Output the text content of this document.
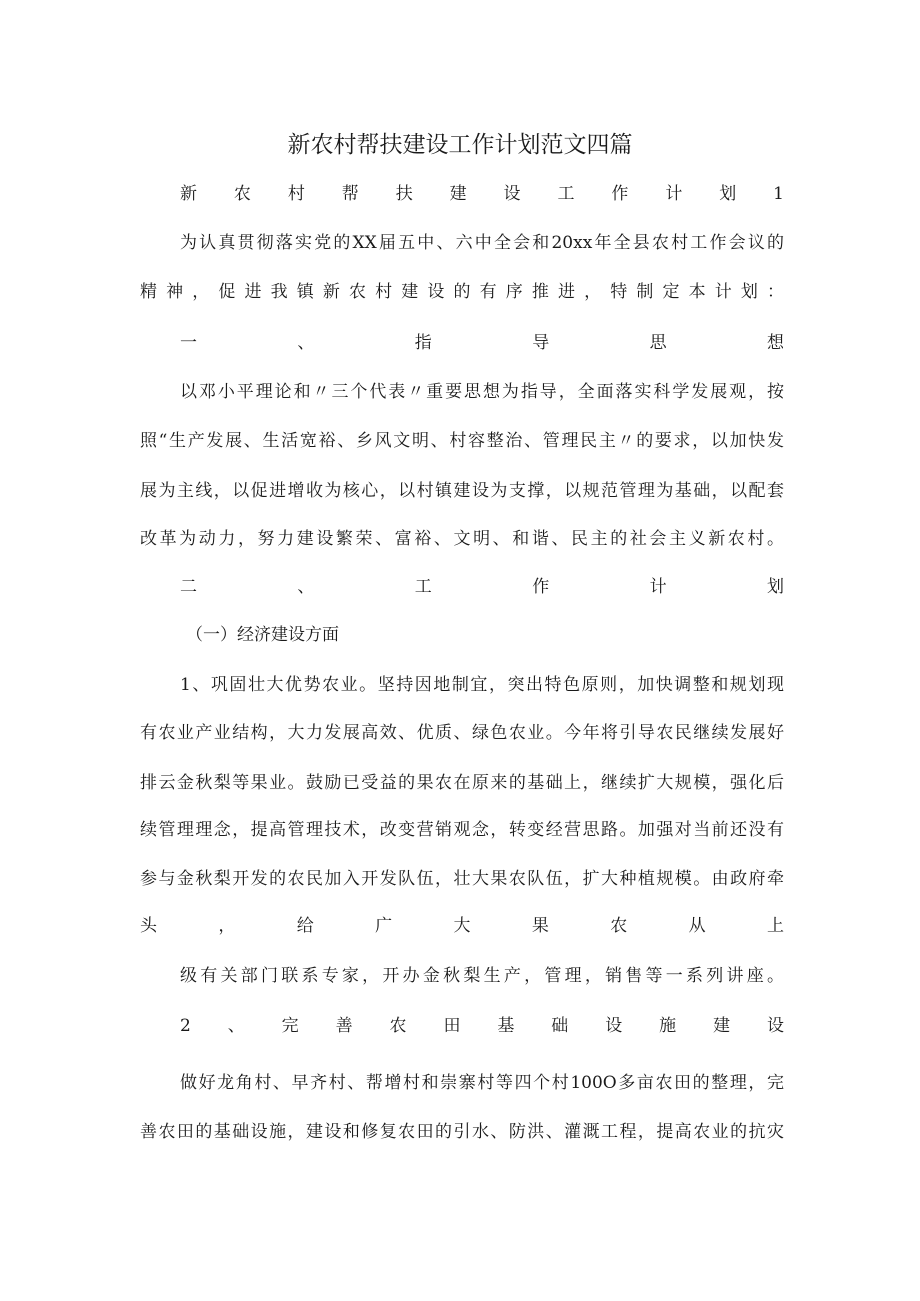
新农村帮扶建设工作计划范文四篇

新农村帮扶建设工作计划1

为认真贯彻落实党的XX届五中、六中全会和20xx年全县农村工作会议的

精神，促进我镇新农村建设的有序推进，特制定本计划：

一、指导思想

以邓小平理论和〃三个代表〃重要思想为指导，全面落实科学发展观，按

照“生产发展、生活宽裕、乡风文明、村容整治、管理民主〃的要求，以加快发

展为主线，以促进增收为核心，以村镇建设为支撑，以规范管理为基础，以配套

改革为动力，努力建设繁荣、富裕、文明、和谐、民主的社会主义新农村。

二、工作计划

（一）经济建设方面

1、巩固壮大优势农业。坚持因地制宜，突出特色原则，加快调整和规划现

有农业产业结构，大力发展高效、优质、绿色农业。今年将引导农民继续发展好

排云金秋梨等果业。鼓励已受益的果农在原来的基础上，继续扩大规模，强化后

续管理理念，提高管理技术，改变营销观念，转变经营思路。加强对当前还没有

参与金秋梨开发的农民加入开发队伍，壮大果农队伍，扩大种植规模。由政府牵

头，给广大果农从上

级有关部门联系专家，开办金秋梨生产，管理，销售等一系列讲座。

2、完善农田基础设施建设

做好龙角村、早齐村、帮增村和崇寨村等四个村100O多亩农田的整理，完

善农田的基础设施，建设和修复农田的引水、防洪、灌溉工程，提高农业的抗灾
